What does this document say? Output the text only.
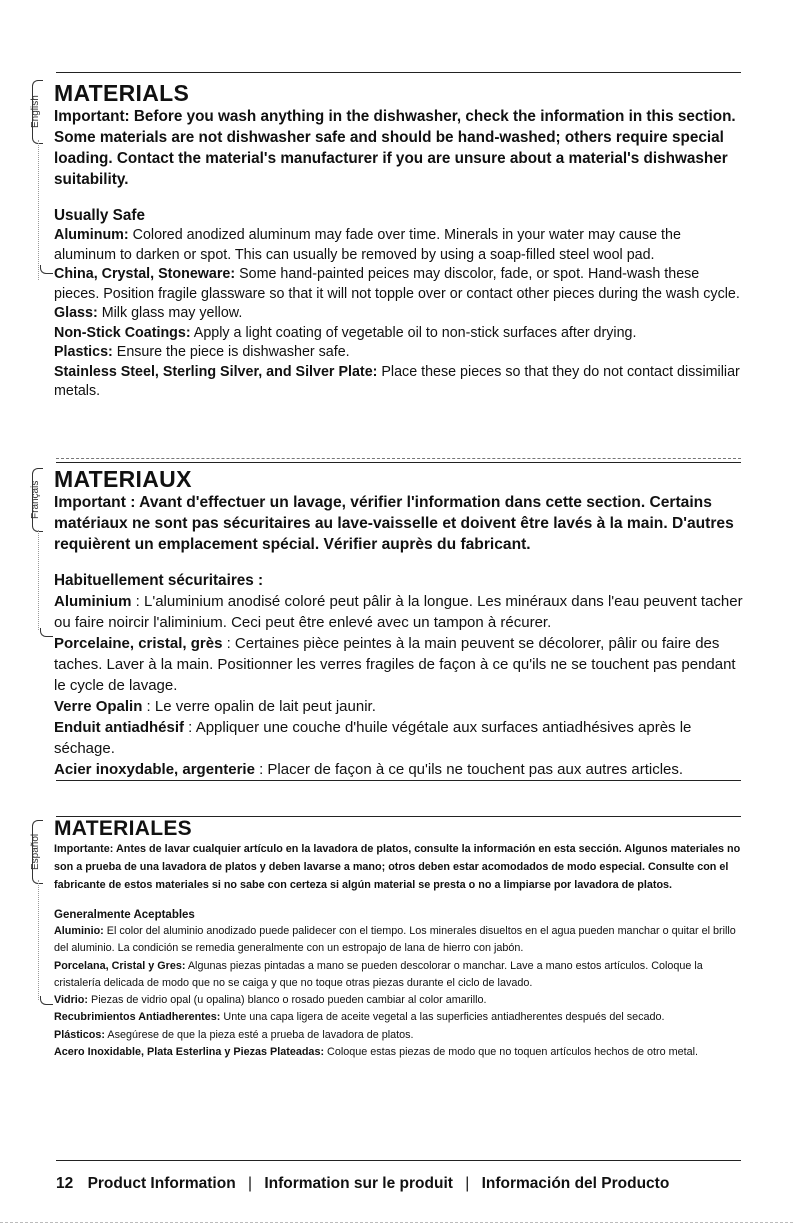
English
MATERIALS

Important: Before you wash anything in the dishwasher, check the information in this section. Some materials are not dishwasher safe and should be hand-washed; others require special loading. Contact the material's manufacturer if you are unsure about a material's dishwasher suitability.

Usually Safe

Aluminum: Colored anodized aluminum may fade over time. Minerals in your water may cause the aluminum to darken or spot. This can usually be removed by using a soap-filled steel wool pad.

China, Crystal, Stoneware: Some hand-painted peices may discolor, fade, or spot. Hand-wash these pieces. Position fragile glassware so that it will not topple over or contact other pieces during the wash cycle.

Glass: Milk glass may yellow.

Non-Stick Coatings: Apply a light coating of vegetable oil to non-stick surfaces after drying.

Plastics: Ensure the piece is dishwasher safe.

Stainless Steel, Sterling Silver, and Silver Plate: Place these pieces so that they do not contact dissimiliar metals.

Français
MATERIAUX

Important : Avant d'effectuer un lavage, vérifier l'information dans cette section. Certains matériaux ne sont pas sécuritaires au lave-vaisselle et doivent être lavés à la main. D'autres requièrent un emplacement spécial. Vérifier auprès du fabricant.

Habituellement sécuritaires :

Aluminium : L'aluminium anodisé coloré peut pâlir à la longue. Les minéraux dans l'eau peuvent tacher ou faire noircir l'aliminium. Ceci peut être enlevé avec un tampon à récurer.

Porcelaine, cristal, grès : Certaines pièce peintes à la main peuvent se décolorer, pâlir ou faire des taches. Laver à la main. Positionner les verres fragiles de façon à ce qu'ils ne se touchent pas pendant le cycle de lavage.

Verre Opalin : Le verre opalin de lait peut jaunir.

Enduit antiadhésif : Appliquer une couche d'huile végétale aux surfaces antiadhésives après le séchage.

Acier inoxydable, argenterie : Placer de façon à ce qu'ils ne touchent pas aux autres articles.

Español
MATERIALES

Importante: Antes de lavar cualquier artículo en la lavadora de platos, consulte la información en esta sección. Algunos materiales no son a prueba de una lavadora de platos y deben lavarse a mano; otros deben estar acomodados de modo especial. Consulte con el fabricante de estos materiales si no sabe con certeza si algún material se presta o no a limpiarse por lavadora de platos.

Generalmente Aceptables

Aluminio: El color del aluminio anodizado puede palidecer con el tiempo. Los minerales disueltos en el agua pueden manchar o quitar el brillo del aluminio. La condición se remedia generalmente con un estropajo de lana de hierro con jabón.

Porcelana, Cristal y Gres: Algunas piezas pintadas a mano se pueden descolorar o manchar. Lave a mano estos artículos. Coloque la cristalería delicada de modo que no se caiga y que no toque otras piezas durante el ciclo de lavado.

Vidrio: Piezas de vidrio opal (u opalina) blanco o rosado pueden cambiar al color amarillo.

Recubrimientos Antiadherentes: Unte una capa ligera de aceite vegetal a las superficies antiadherentes después del secado.

Plásticos: Asegúrese de que la pieza esté a prueba de lavadora de platos.

Acero Inoxidable, Plata Esterlina y Piezas Plateadas: Coloque estas piezas de modo que no toquen artículos hechos de otro metal.

12 Product Information | Information sur le produit | Información del Producto
